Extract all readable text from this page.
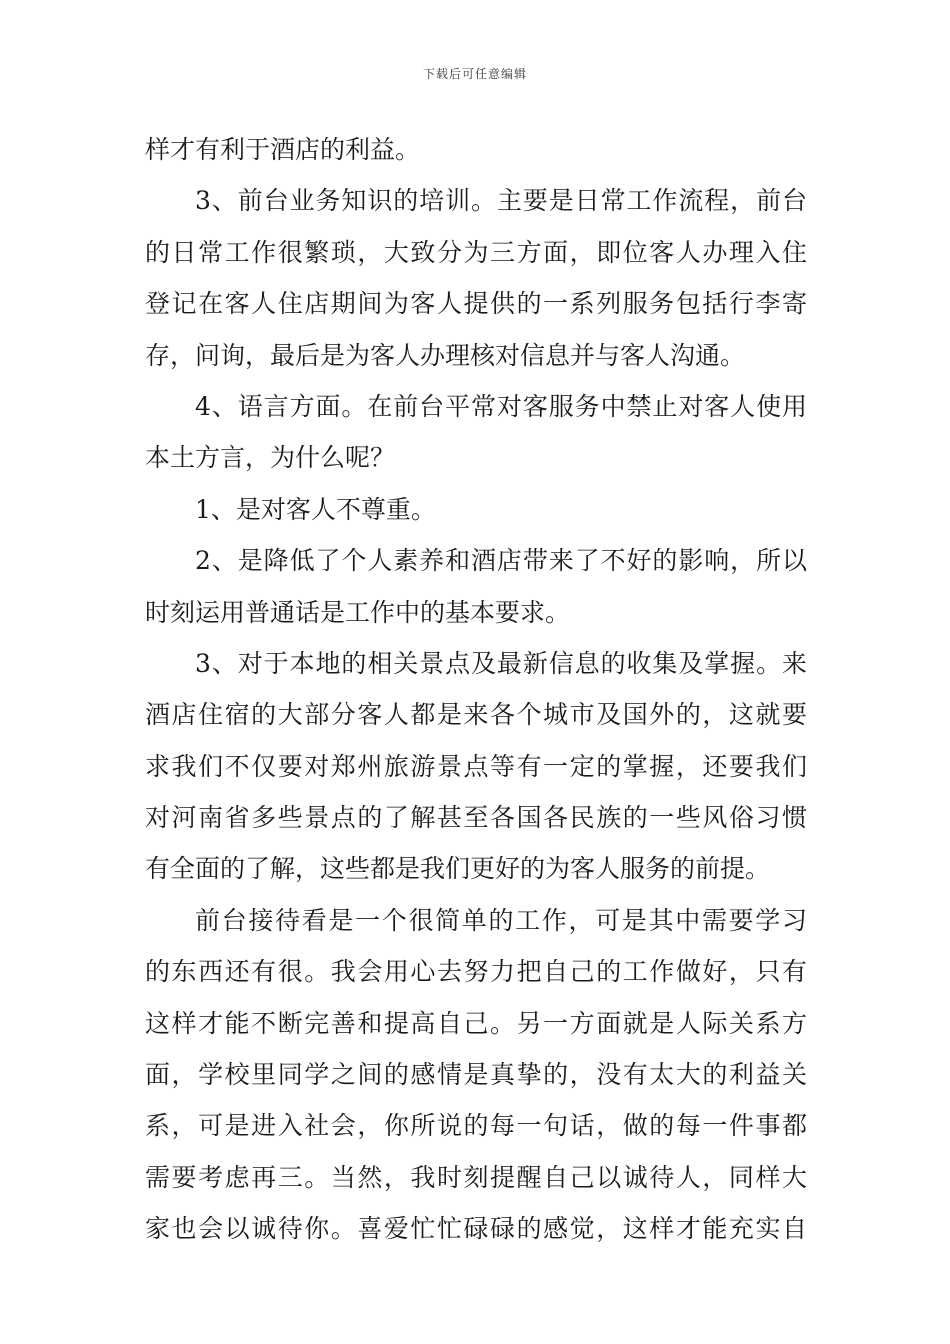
下载后可任意编辑
样才有利于酒店的利益。
3、前台业务知识的培训。主要是日常工作流程，前台
的日常工作很繁琐，大致分为三方面，即位客人办理入住
登记在客人住店期间为客人提供的一系列服务包括行李寄
存，问询，最后是为客人办理核对信息并与客人沟通。
4、语言方面。在前台平常对客服务中禁止对客人使用
本土方言，为什么呢？
1、是对客人不尊重。
2、是降低了个人素养和酒店带来了不好的影响，所以
时刻运用普通话是工作中的基本要求。
3、对于本地的相关景点及最新信息的收集及掌握。来
酒店住宿的大部分客人都是来各个城市及国外的，这就要
求我们不仅要对郑州旅游景点等有一定的掌握，还要我们
对河南省多些景点的了解甚至各国各民族的一些风俗习惯
有全面的了解，这些都是我们更好的为客人服务的前提。
前台接待看是一个很简单的工作，可是其中需要学习
的东西还有很。我会用心去努力把自己的工作做好，只有
这样才能不断完善和提高自己。另一方面就是人际关系方
面，学校里同学之间的感情是真挚的，没有太大的利益关
系，可是进入社会，你所说的每一句话，做的每一件事都
需要考虑再三。当然，我时刻提醒自己以诚待人，同样大
家也会以诚待你。喜爱忙忙碌碌的感觉，这样才能充实自
